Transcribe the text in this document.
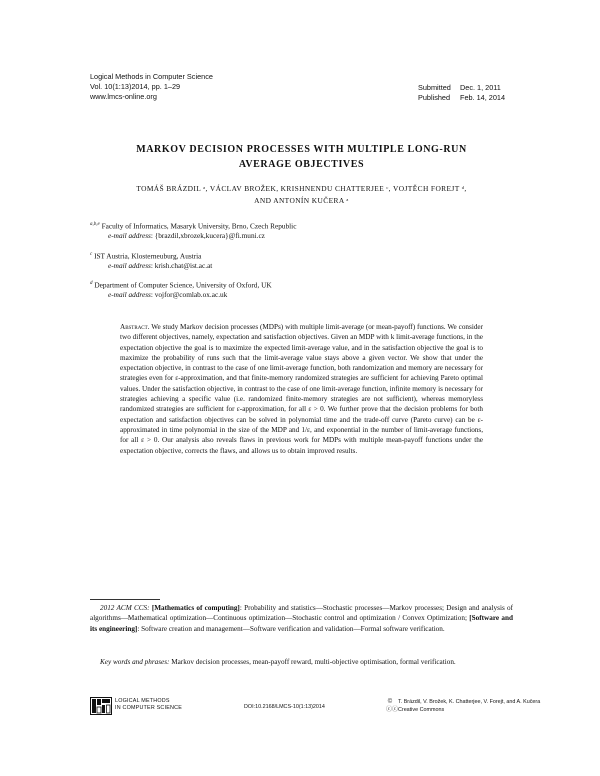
Logical Methods in Computer Science
Vol. 10(1:13)2014, pp. 1–29
www.lmcs-online.org
Submitted Dec. 1, 2011
Published Feb. 14, 2014
MARKOV DECISION PROCESSES WITH MULTIPLE LONG-RUN
AVERAGE OBJECTIVES
TOMÁŠ BRÁZDIL ᵃ, VÁCLAV BROŽEK, KRISHNENDU CHATTERJEE ᶜ, VOJTĚCH FOREJT ᵈ,
AND ANTONÍN KUČERA ᵃ
$^{a,b,e}$ Faculty of Informatics, Masaryk University, Brno, Czech Republic
e-mail address: {brazdil,xbrozek,kucera}@fi.muni.cz
$^c$ IST Austria, Klosterneuburg, Austria
e-mail address: krish.chat@ist.ac.at
$^d$ Department of Computer Science, University of Oxford, UK
e-mail address: vojfor@comlab.ox.ac.uk
Abstract. We study Markov decision processes (MDPs) with multiple limit-average (or mean-payoff) functions. We consider two different objectives, namely, expectation and satisfaction objectives. Given an MDP with k limit-average functions, in the expectation objective the goal is to maximize the expected limit-average value, and in the satisfaction objective the goal is to maximize the probability of runs such that the limit-average value stays above a given vector. We show that under the expectation objective, in contrast to the case of one limit-average function, both randomization and memory are necessary for strategies even for ε-approximation, and that finite-memory randomized strategies are sufficient for achieving Pareto optimal values. Under the satisfaction objective, in contrast to the case of one limit-average function, infinite memory is necessary for strategies achieving a specific value (i.e. randomized finite-memory strategies are not sufficient), whereas memoryless randomized strategies are sufficient for ε-approximation, for all ε > 0. We further prove that the decision problems for both expectation and satisfaction objectives can be solved in polynomial time and the trade-off curve (Pareto curve) can be ε-approximated in time polynomial in the size of the MDP and 1/ε, and exponential in the number of limit-average functions, for all ε > 0. Our analysis also reveals flaws in previous work for MDPs with multiple mean-payoff functions under the expectation objective, corrects the flaws, and allows us to obtain improved results.
2012 ACM CCS: [Mathematics of computing]: Probability and statistics—Stochastic processes—Markov processes; Design and analysis of algorithms—Mathematical optimization—Continuous optimization—Stochastic control and optimization / Convex Optimization; [Software and its engineering]: Software creation and management—Software verification and validation—Formal software verification.
Key words and phrases: Markov decision processes, mean-payoff reward, multi-objective optimisation, formal verification.
LOGICAL METHODS
IN COMPUTER SCIENCE	DOI:10.2168/LMCS-10(1:13)2014
© T. Brázdil, V. Brožek, K. Chatterjee, V. Forejt, and A. Kučera
ⓒⓒCreative Commons
